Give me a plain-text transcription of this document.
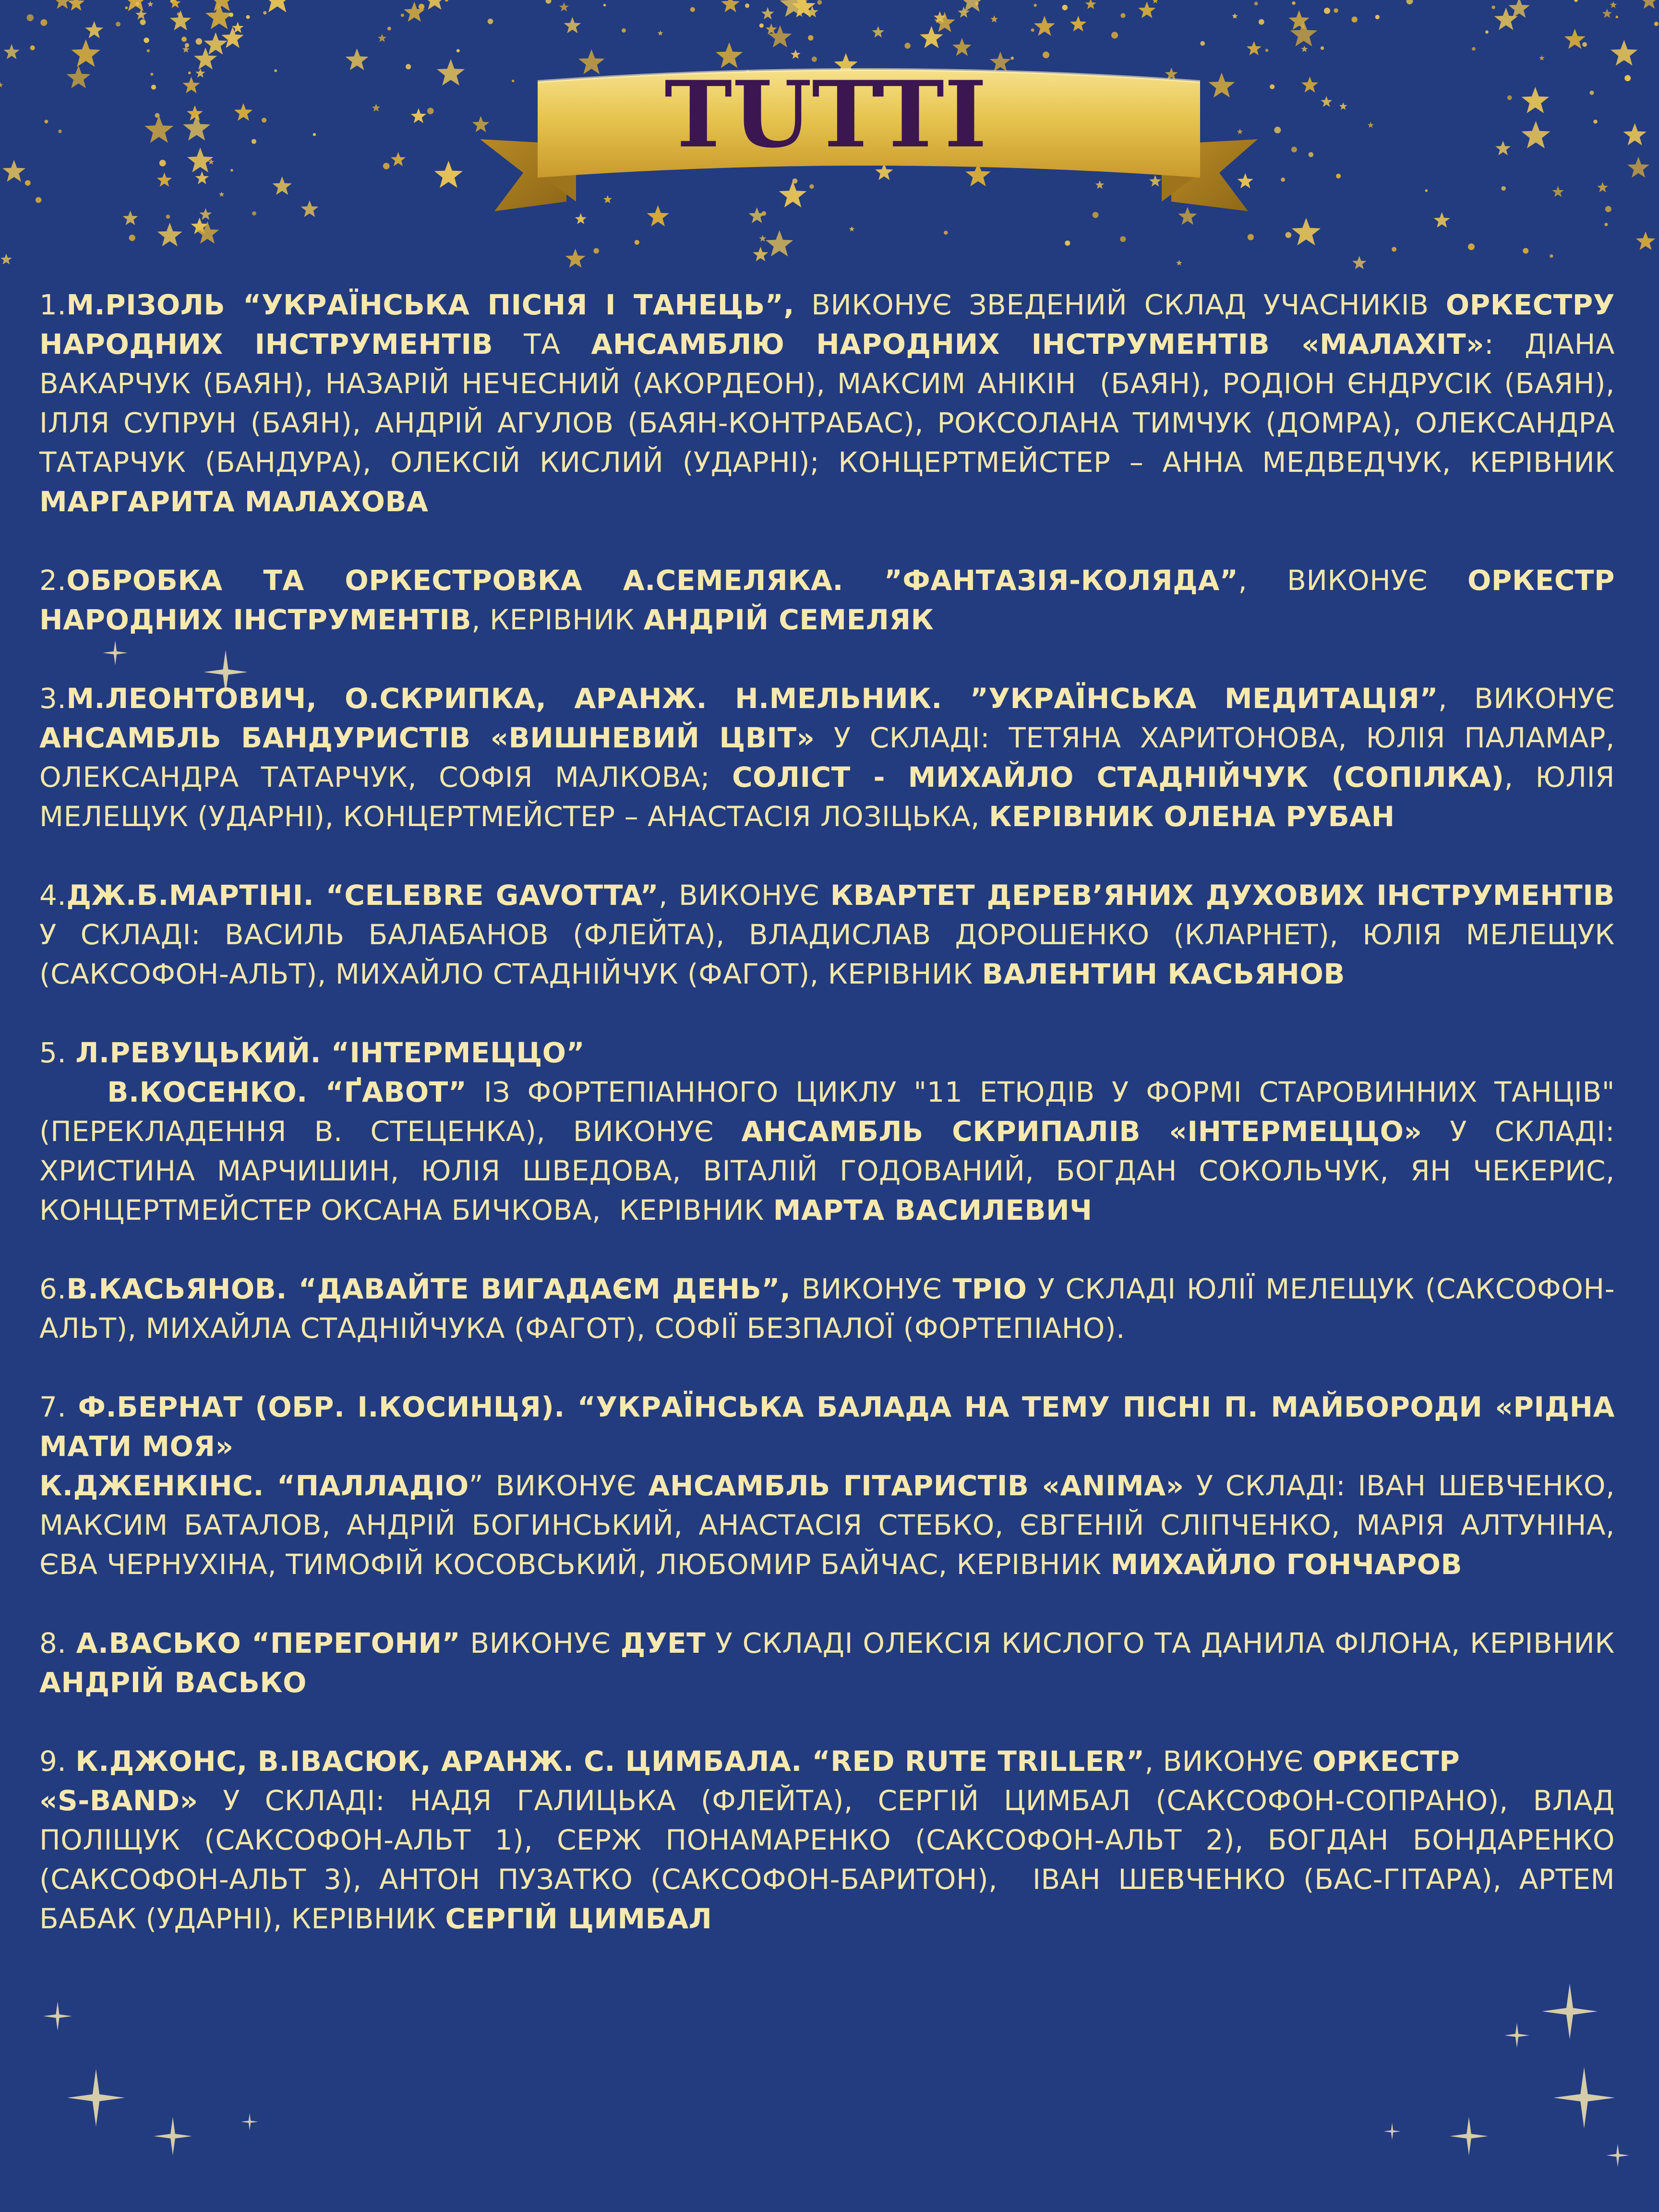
TUTTI
1.М.РІЗОЛЬ “УКРАЇНСЬКА ПІСНЯ І ТАНЕЦЬ”, ВИКОНУЄ ЗВЕДЕНИЙ СКЛАД УЧАСНИКІВ ОРКЕСТРУ НАРОДНИХ ІНСТРУМЕНТІВ ТА АНСАМБЛЮ НАРОДНИХ ІНСТРУМЕНТІВ «МАЛАХІТ»: ДІАНА ВАКАРЧУК (БАЯН), НАЗАРІЙ НЕЧЕСНИЙ (АКОРДЕОН), МАКСИМ АНІКІН  (БАЯН), РОДІОН ЄНДРУСІК (БАЯН), ІЛЛЯ СУПРУН (БАЯН), АНДРІЙ АГУЛОВ (БАЯН-КОНТРАБАС), РОКСОЛАНА ТИМЧУК (ДОМРА), ОЛЕКСАНДРА ТАТАРЧУК (БАНДУРА), ОЛЕКСІЙ КИСЛИЙ (УДАРНІ); КОНЦЕРТМЕЙСТЕР – АННА МЕДВЕДЧУК, КЕРІВНИК МАРГАРИТА МАЛАХОВА
2.ОБРОБКА ТА ОРКЕСТРОВКА А.СЕМЕЛЯКА. ”ФАНТАЗІЯ-КОЛЯДА”, ВИКОНУЄ ОРКЕСТР НАРОДНИХ ІНСТРУМЕНТІВ, КЕРІВНИК АНДРІЙ СЕМЕЛЯК
3.М.ЛЕОНТОВИЧ, О.СКРИПКА, АРАНЖ. Н.МЕЛЬНИК. ”УКРАЇНСЬКА МЕДИТАЦІЯ”, ВИКОНУЄ АНСАМБЛЬ БАНДУРИСТІВ «ВИШНЕВИЙ ЦВІТ» У СКЛАДІ: ТЕТЯНА ХАРИТОНОВА, ЮЛІЯ ПАЛАМАР, ОЛЕКСАНДРА ТАТАРЧУК, СОФІЯ МАЛКОВА; СОЛІСТ - МИХАЙЛО СТАДНІЙЧУК (СОПІЛКА), ЮЛІЯ МЕЛЕЩУК (УДАРНІ), КОНЦЕРТМЕЙСТЕР – АНАСТАСІЯ ЛОЗІЦЬКА, КЕРІВНИК ОЛЕНА РУБАН
4.ДЖ.Б.МАРТІНІ. “CELEBRE GAVOTTA”, ВИКОНУЄ КВАРТЕТ ДЕРЕВ’ЯНИХ ДУХОВИХ ІНСТРУМЕНТІВ У СКЛАДІ: ВАСИЛЬ БАЛАБАНОВ (ФЛЕЙТА), ВЛАДИСЛАВ ДОРОШЕНКО (КЛАРНЕТ), ЮЛІЯ МЕЛЕЩУК (САКСОФОН-АЛЬТ), МИХАЙЛО СТАДНІЙЧУК (ФАГОТ), КЕРІВНИК ВАЛЕНТИН КАСЬЯНОВ
5. Л.РЕВУЦЬКИЙ. “ІНТЕРМЕЦЦО”
В.КОСЕНКО. “ҐАВОТ” ІЗ ФОРТЕПІАННОГО ЦИКЛУ "11 ЕТЮДІВ У ФОРМІ СТАРОВИННИХ ТАНЦІВ" (ПЕРЕКЛАДЕННЯ В. СТЕЦЕНКА), ВИКОНУЄ АНСАМБЛЬ СКРИПАЛІВ «ІНТЕРМЕЦЦО» У СКЛАДІ: ХРИСТИНА МАРЧИШИН, ЮЛІЯ ШВЕДОВА, ВІТАЛІЙ ГОДОВАНИЙ, БОГДАН СОКОЛЬЧУК, ЯН ЧЕКЕРИС, КОНЦЕРТМЕЙСТЕР ОКСАНА БИЧКОВА,  КЕРІВНИК МАРТА ВАСИЛЕВИЧ
6.В.КАСЬЯНОВ. “ДАВАЙТЕ ВИГАДАЄМ ДЕНЬ”, ВИКОНУЄ ТРІО У СКЛАДІ ЮЛІЇ МЕЛЕЩУК (САКСОФОН-АЛЬТ), МИХАЙЛА СТАДНІЙЧУКА (ФАГОТ), СОФІЇ БЕЗПАЛОЇ (ФОРТЕПІАНО).
7. Ф.БЕРНАТ (ОБР. І.КОСИНЦЯ). “УКРАЇНСЬКА БАЛАДА НА ТЕМУ ПІСНІ П. МАЙБОРОДИ «РІДНА МАТИ МОЯ»
К.ДЖЕНКІНС. “ПАЛЛАДІО” ВИКОНУЄ АНСАМБЛЬ ГІТАРИСТІВ «ANIMA» У СКЛАДІ: ІВАН ШЕВЧЕНКО, МАКСИМ БАТАЛОВ, АНДРІЙ БОГИНСЬКИЙ, АНАСТАСІЯ СТЕБКО, ЄВГЕНІЙ СЛІПЧЕНКО, МАРІЯ АЛТУНІНА, ЄВА ЧЕРНУХІНА, ТИМОФІЙ КОСОВСЬКИЙ, ЛЮБОМИР БАЙЧАС, КЕРІВНИК МИХАЙЛО ГОНЧАРОВ
8. А.ВАСЬКО “ПЕРЕГОНИ” ВИКОНУЄ ДУЕТ У СКЛАДІ ОЛЕКСІЯ КИСЛОГО ТА ДАНИЛА ФІЛОНА, КЕРІВНИК АНДРІЙ ВАСЬКО
9. К.ДЖОНС, В.ІВАСЮК, АРАНЖ. С. ЦИМБАЛА. “RED RUTE TRILLER”, ВИКОНУЄ ОРКЕСТР
«S-BAND» У СКЛАДІ: НАДЯ ГАЛИЦЬКА (ФЛЕЙТА), СЕРГІЙ ЦИМБАЛ (САКСОФОН-СОПРАНО), ВЛАД ПОЛІЩУК (САКСОФОН-АЛЬТ 1), СЕРЖ ПОНАМАРЕНКО (САКСОФОН-АЛЬТ 2), БОГДАН БОНДАРЕНКО (САКСОФОН-АЛЬТ 3), АНТОН ПУЗАТКО (САКСОФОН-БАРИТОН),  ІВАН ШЕВЧЕНКО (БАС-ГІТАРА), АРТЕМ БАБАК (УДАРНІ), КЕРІВНИК СЕРГІЙ ЦИМБАЛ
